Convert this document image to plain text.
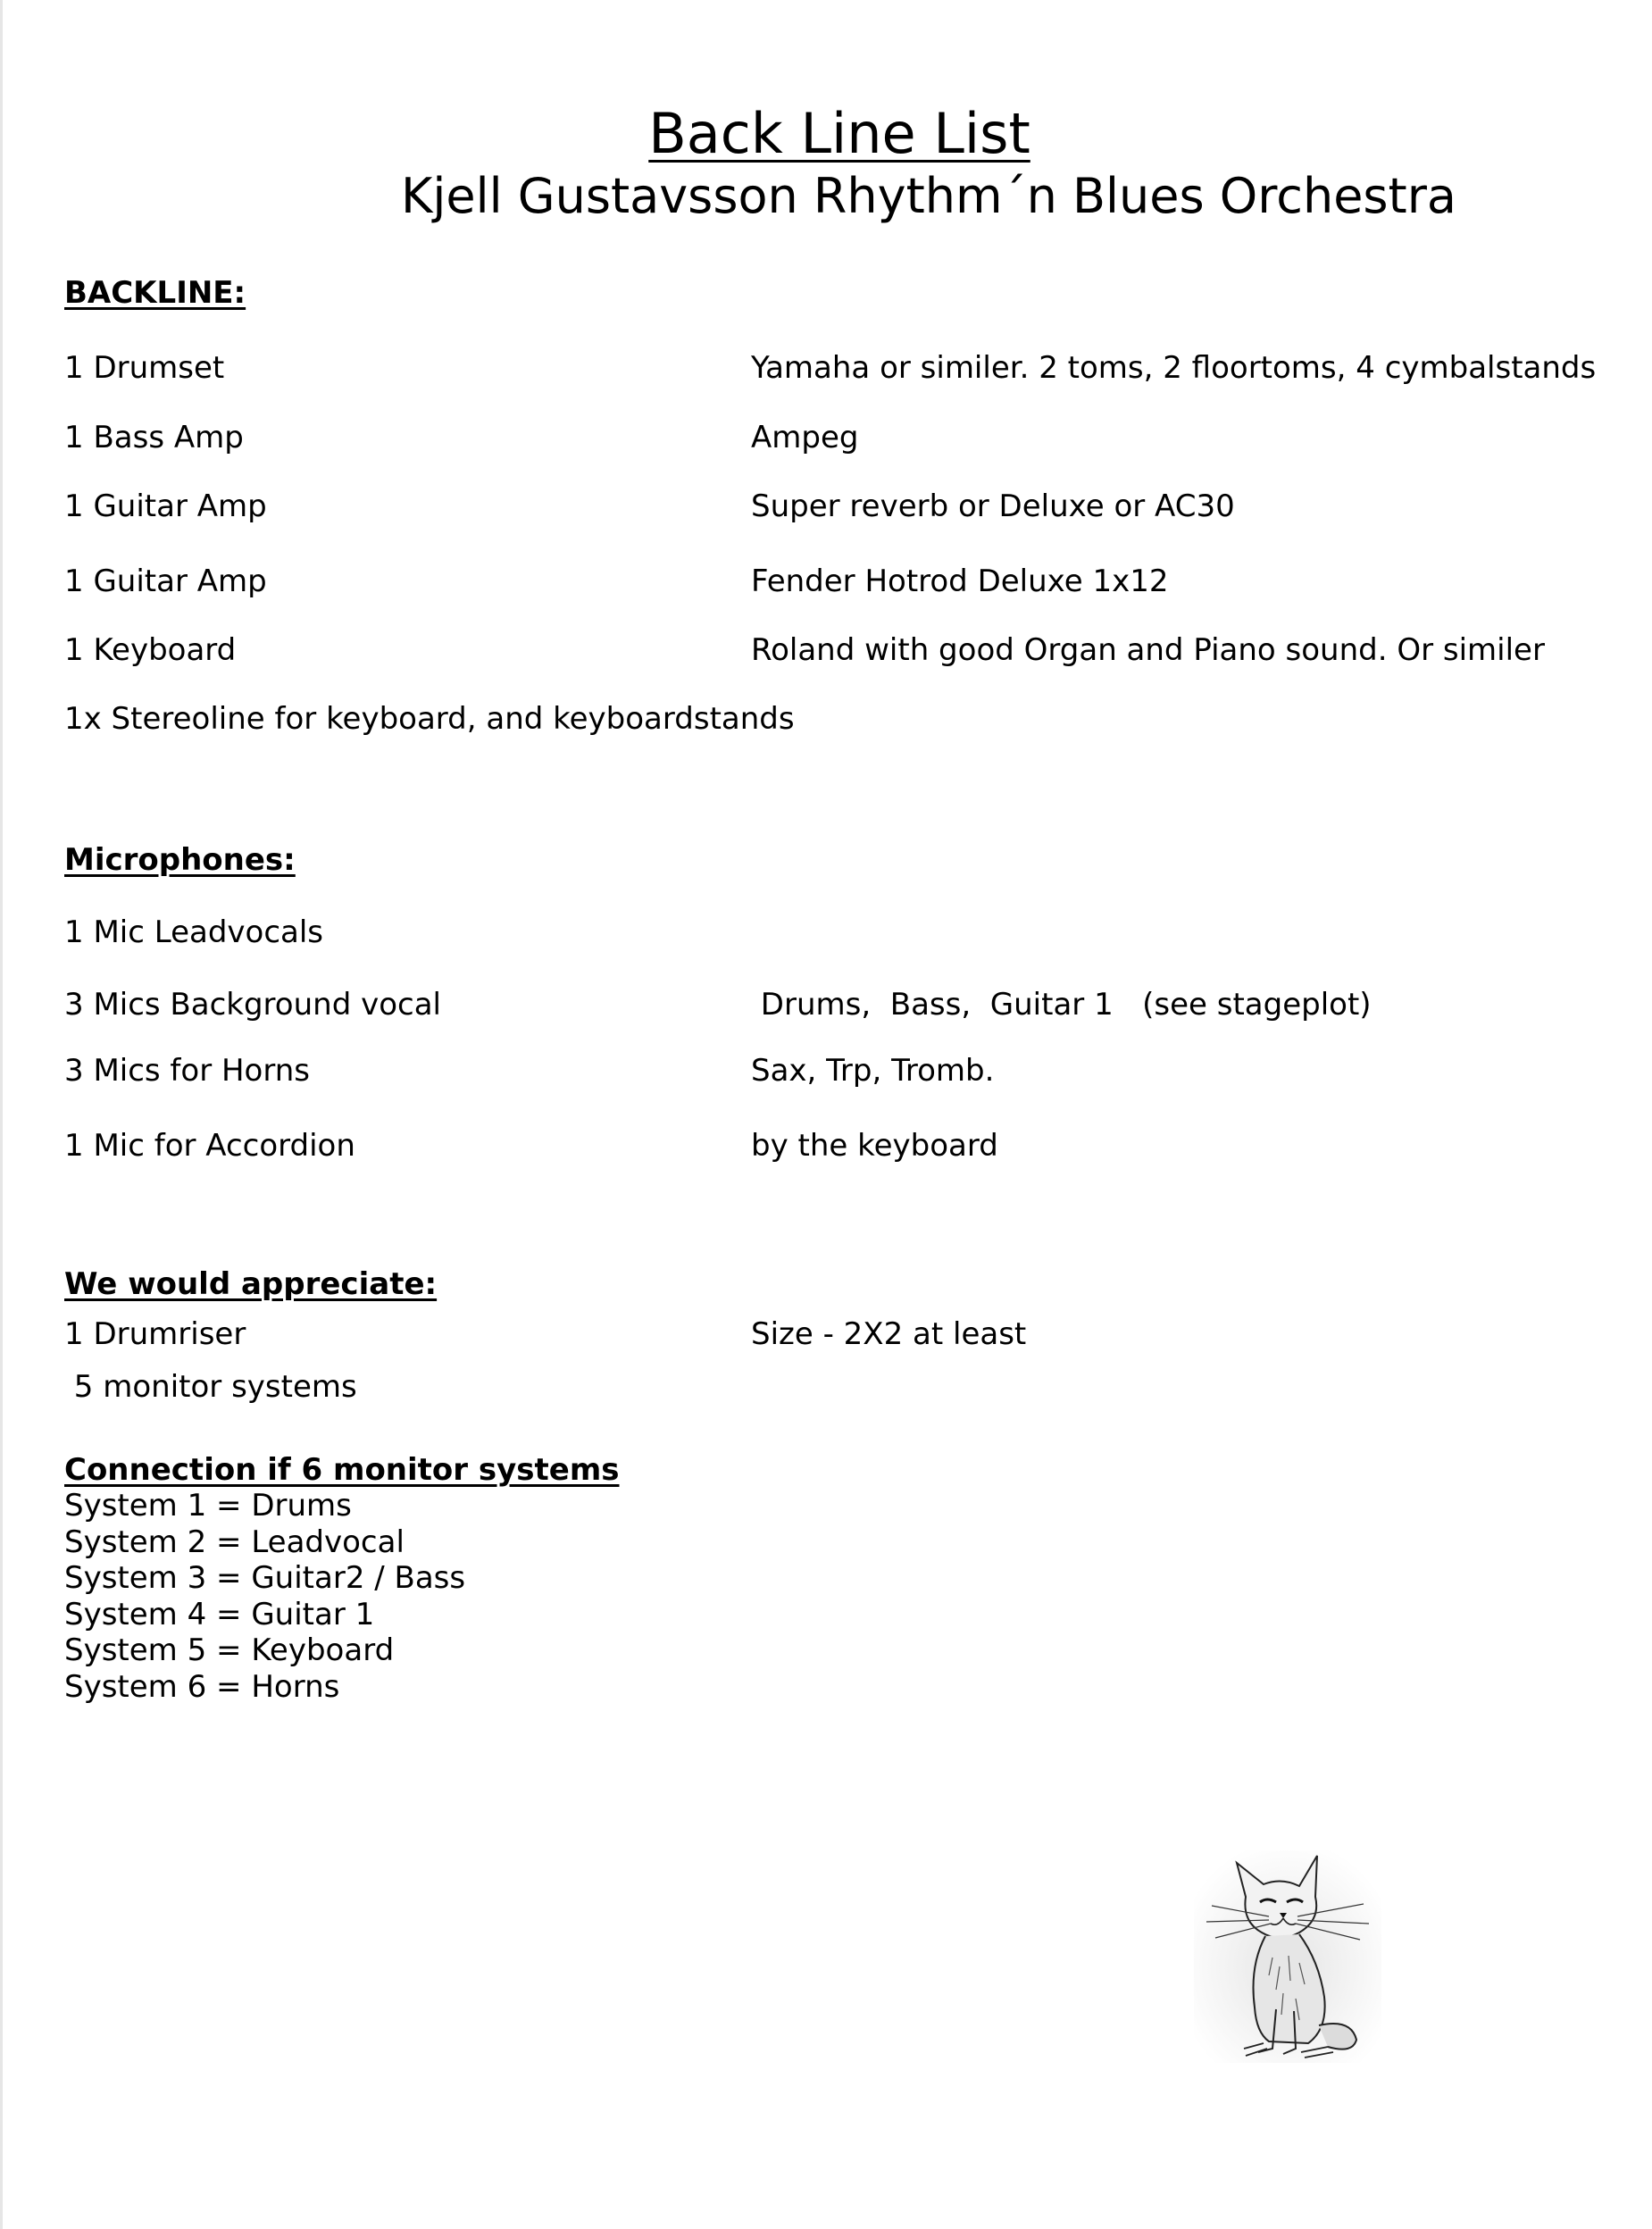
Back Line List
Kjell Gustavsson Rhythm´n Blues Orchestra
BACKLINE:
1 Drumset	Yamaha or similer. 2 toms, 2 floortoms, 4 cymbalstands
1 Bass Amp	Ampeg
1 Guitar Amp	Super reverb or Deluxe or AC30
1 Guitar Amp	Fender Hotrod Deluxe 1x12
1 Keyboard	Roland with good Organ and Piano sound. Or similer
1x Stereoline for keyboard, and keyboardstands
Microphones:
1 Mic Leadvocals
3 Mics Background vocal	Drums,  Bass,  Guitar 1   (see stageplot)
3 Mics for Horns	Sax, Trp, Tromb.
1 Mic for Accordion	by the keyboard
We would appreciate:
1 Drumriser	Size - 2X2 at least
5 monitor systems
Connection if 6 monitor systems
System 1 = Drums
System 2 = Leadvocal
System 3 = Guitar2 / Bass
System 4 = Guitar 1
System 5 = Keyboard
System 6 = Horns
